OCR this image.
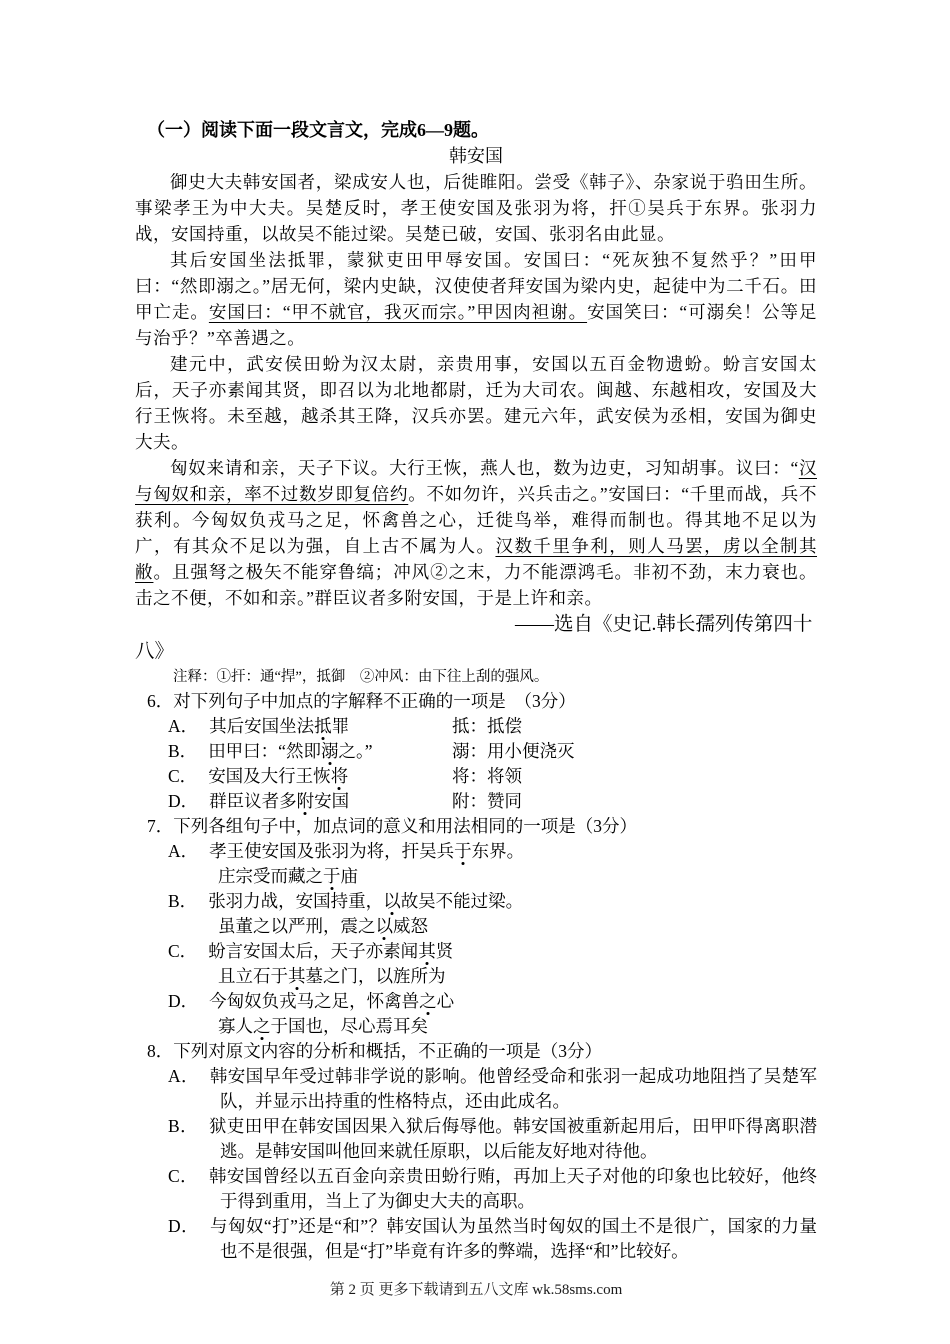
（一）阅读下面一段文言文，完成6—9题。

韩安国

御史大夫韩安国者，梁成安人也，后徙睢阳。尝受《韩子》、杂家说于驺田生所。事梁孝王为中大夫。吴楚反时，孝王使安国及张羽为将，扞①吴兵于东界。张羽力战，安国持重，以故吴不能过梁。吴楚已破，安国、张羽名由此显。

其后安国坐法抵罪，蒙狱吏田甲辱安国。安国曰：“死灰独不复然乎？”田甲曰：“然即溺之。”居无何，梁内史缺，汉使使者拜安国为梁内史，起徒中为二千石。田甲亡走。安国曰：“甲不就官，我灭而宗。”甲因肉袒谢。安国笑曰：“可溺矣！公等足与治乎？”卒善遇之。

建元中，武安侯田蚡为汉太尉，亲贵用事，安国以五百金物遗蚡。蚡言安国太后，天子亦素闻其贤，即召以为北地都尉，迁为大司农。闽越、东越相攻，安国及大行王恢将。未至越，越杀其王降，汉兵亦罢。建元六年，武安侯为丞相，安国为御史大夫。

匈奴来请和亲，天子下议。大行王恢，燕人也，数为边吏，习知胡事。议曰：“汉与匈奴和亲，率不过数岁即复倍约。不如勿许，兴兵击之。”安国曰：“千里而战，兵不获利。今匈奴负戎马之足，怀禽兽之心，迁徙鸟举，难得而制也。得其地不足以为广，有其众不足以为强，自上古不属为人。汉数千里争利，则人马罢，虏以全制其敝。且强弩之极矢不能穿鲁缟；冲风②之末，力不能漂鸿毛。非初不劲，末力衰也。击之不便，不如和亲。”群臣议者多附安国，于是上许和亲。

——选自《史记.韩长孺列传第四十八》

注释：①扞：通“捍”，抵御　②冲风：由下往上刮的强风。

6．对下列句子中加点的字解释不正确的一项是　（3分）

A． 其后安国坐法抵罪	抵：抵偿
B． 田甲曰：“然即溺之。”	溺：用小便浇灭
C． 安国及大行王恢将	将：将领
D． 群臣议者多附安国	附：赞同

7．下列各组句子中，加点词的意义和用法相同的一项是（3分）

A． 孝王使安国及张羽为将，扞吴兵于东界。

庄宗受而藏之于庙

B． 张羽力战，安国持重，以故吴不能过梁。

虽董之以严刑，震之以威怒

C． 蚡言安国太后，天子亦素闻其贤

且立石于其墓之门，以旌所为

D． 今匈奴负戎马之足，怀禽兽之心

寡人之于国也，尽心焉耳矣

8．下列对原文内容的分析和概括，不正确的一项是（3分）

A． 韩安国早年受过韩非学说的影响。他曾经受命和张羽一起成功地阻挡了吴楚军队，并显示出持重的性格特点，还由此成名。

B． 狱吏田甲在韩安国因果入狱后侮辱他。韩安国被重新起用后，田甲吓得离职潜逃。是韩安国叫他回来就任原职，以后能友好地对待他。

C． 韩安国曾经以五百金向亲贵田蚡行贿，再加上天子对他的印象也比较好，他终于得到重用，当上了为御史大夫的高职。

D． 与匈奴“打”还是“和”？韩安国认为虽然当时匈奴的国土不是很广，国家的力量也不是很强，但是“打”毕竟有许多的弊端，选择“和”比较好。

第 2 页 更多下载请到五八文库 wk.58sms.com
